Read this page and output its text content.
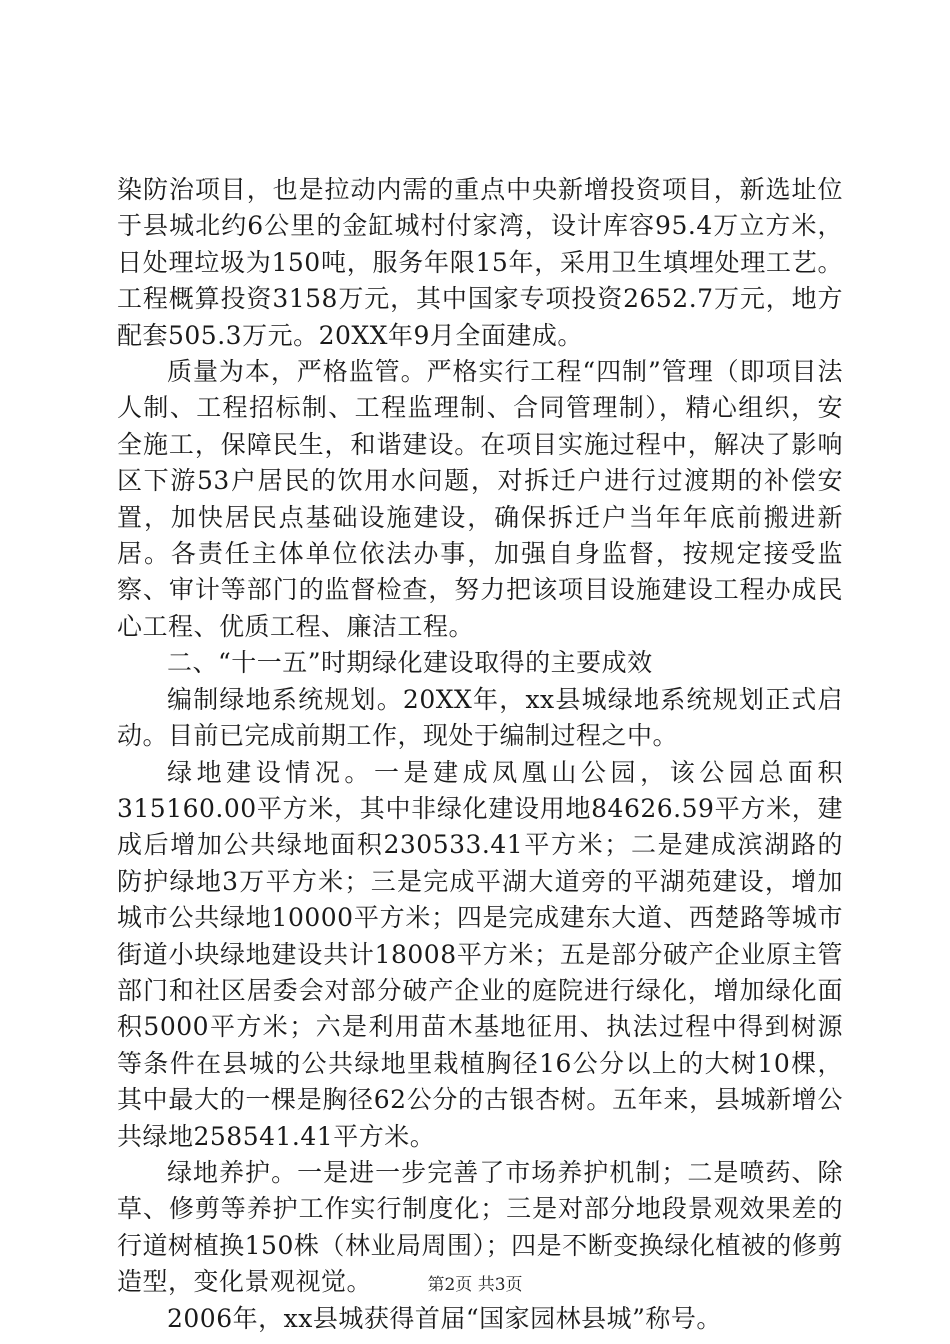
染防治项目，也是拉动内需的重点中央新增投资项目，新选址位于县城北约6公里的金缸城村付家湾，设计库容95.4万立方米，日处理垃圾为150吨，服务年限15年，采用卫生填埋处理工艺。工程概算投资3158万元，其中国家专项投资2652.7万元，地方配套505.3万元。20XX年9月全面建成。

质量为本，严格监管。严格实行工程“四制”管理（即项目法人制、工程招标制、工程监理制、合同管理制），精心组织，安全施工，保障民生，和谐建设。在项目实施过程中，解决了影响区下游53户居民的饮用水问题，对拆迁户进行过渡期的补偿安置，加快居民点基础设施建设，确保拆迁户当年年底前搬进新居。各责任主体单位依法办事，加强自身监督，按规定接受监察、审计等部门的监督检查，努力把该项目设施建设工程办成民心工程、优质工程、廉洁工程。

二、“十一五”时期绿化建设取得的主要成效

编制绿地系统规划。20XX年，xx县城绿地系统规划正式启动。目前已完成前期工作，现处于编制过程之中。

绿地建设情况。一是建成凤凰山公园，该公园总面积315160.00平方米，其中非绿化建设用地84626.59平方米，建成后增加公共绿地面积230533.41平方米；二是建成滨湖路的防护绿地3万平方米；三是完成平湖大道旁的平湖苑建设，增加城市公共绿地10000平方米；四是完成建东大道、西楚路等城市街道小块绿地建设共计18008平方米；五是部分破产企业原主管部门和社区居委会对部分破产企业的庭院进行绿化，增加绿化面积5000平方米；六是利用苗木基地征用、执法过程中得到树源等条件在县城的公共绿地里栽植胸径16公分以上的大树10棵，其中最大的一棵是胸径62公分的古银杏树。五年来，县城新增公共绿地258541.41平方米。

绿地养护。一是进一步完善了市场养护机制；二是喷药、除草、修剪等养护工作实行制度化；三是对部分地段景观效果差的行道树植换150株（林业局周围）；四是不断变换绿化植被的修剪造型，变化景观视觉。

2006年，xx县城获得首届“国家园林县城”称号。

第2页 共3页
